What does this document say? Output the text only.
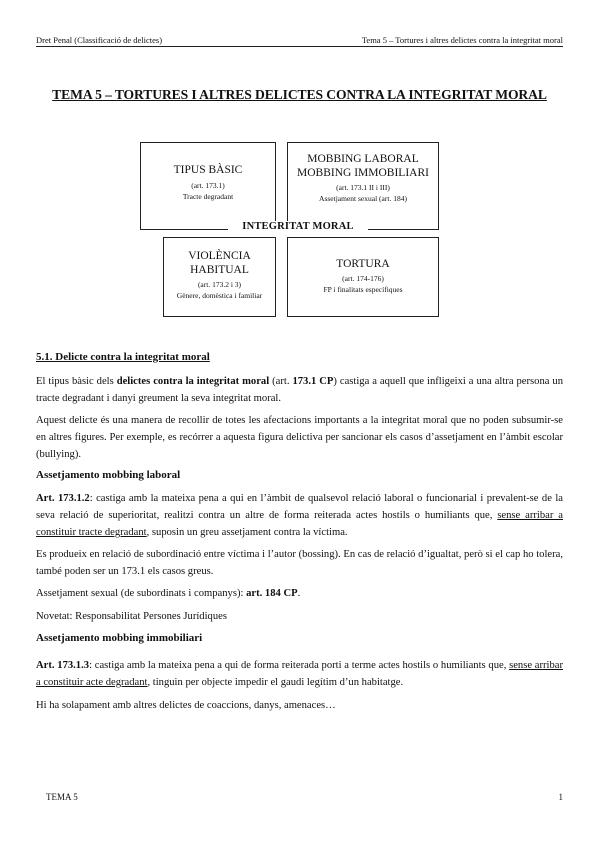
Dret Penal (Classificació de delictes)	Tema 5 – Tortures i altres delictes contra la integritat moral
TEMA 5 – TORTURES I ALTRES DELICTES CONTRA LA INTEGRITAT MORAL
TIPUS BÀSIC
(art. 173.1)
Tracte degradant
MOBBING LABORAL
MOBBING IMMOBILIARI
(art. 173.1 II i III)
Assetjament sexual (art. 184)
VIOLÈNCIA
HABITUAL
(art. 173.2 i 3)
Gènere, domèstica i familiar
TORTURA
(art. 174-176)
FP i finalitats específiques
INTEGRITAT MORAL
5.1. Delicte contra la integritat moral
El tipus bàsic dels delictes contra la integritat moral (art. 173.1 CP) castiga a aquell que infligeixi a una altra persona un tracte degradant i danyi greument la seva integritat moral.
Aquest delicte és una manera de recollir de totes les afectacions importants a la integritat moral que no poden subsumir-se en altres figures. Per exemple, es recórrer a aquesta figura delictiva per sancionar els casos d’assetjament en l’àmbit escolar (bullying).
Assetjamento mobbing laboral
Art. 173.1.2: castiga amb la mateixa pena a qui en l’àmbit de qualsevol relació laboral o funcionarial i prevalent-se de la seva relació de superioritat, realitzi contra un altre de forma reiterada actes hostils o humiliants que, sense arribar a constituir tracte degradant, suposin un greu assetjament contra la víctima.
Es produeix en relació de subordinació entre víctima i l’autor (bossing). En cas de relació d’igualtat, però si el cap ho tolera, també poden ser un 173.1 els casos greus.
Assetjament sexual (de subordinats i companys): art. 184 CP.
Novetat: Responsabilitat Persones Jurídiques
Assetjamento mobbing immobiliari
Art. 173.1.3: castiga amb la mateixa pena a qui de forma reiterada porti a terme actes hostils o humiliants que, sense arribar a constituir acte degradant, tinguin per objecte impedir el gaudi legítim d’un habitatge.
Hi ha solapament amb altres delictes de coaccions, danys, amenaces…
TEMA 5	1
